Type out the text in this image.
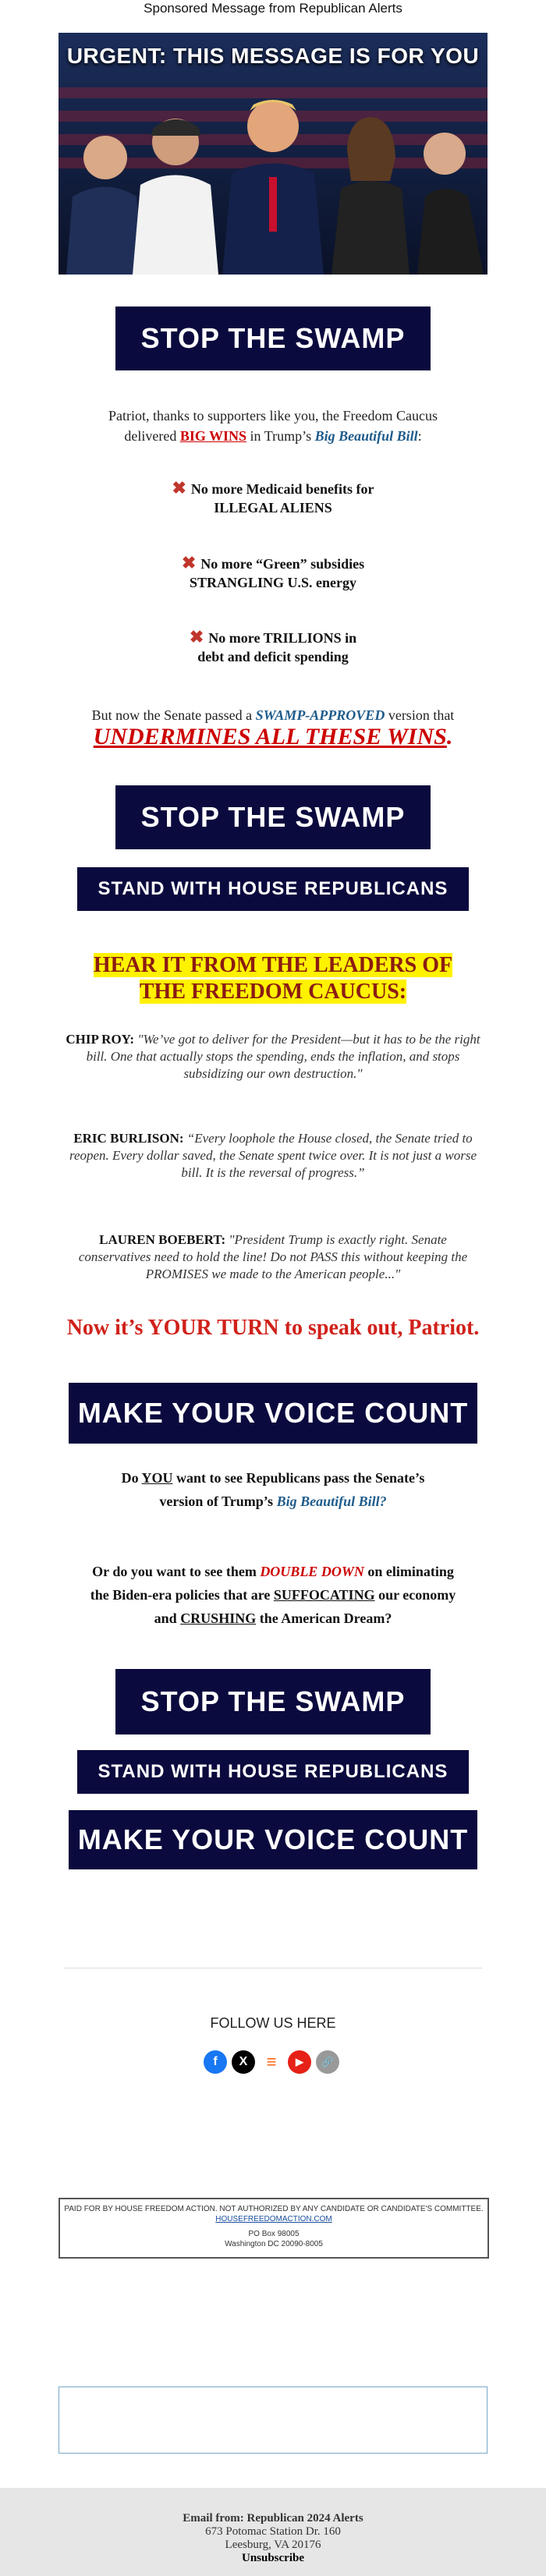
Sponsored Message from Republican Alerts
URGENT: THIS MESSAGE IS FOR YOU
STOP THE SWAMP
Patriot, thanks to supporters like you, the Freedom Caucus
delivered BIG WINS in Trump’s Big Beautiful Bill:
✖ No more Medicaid benefits for
ILLEGAL ALIENS
✖ No more “Green” subsidies
STRANGLING U.S. energy
✖ No more TRILLIONS in
debt and deficit spending
But now the Senate passed a SWAMP-APPROVED version that
UNDERMINES ALL THESE WINS.
STOP THE SWAMP
STAND WITH HOUSE REPUBLICANS
HEAR IT FROM THE LEADERS OF
THE FREEDOM CAUCUS:
CHIP ROY: "We’ve got to deliver for the President—but it has to be the right bill. One that actually stops the spending, ends the inflation, and stops subsidizing our own destruction."
ERIC BURLISON: “Every loophole the House closed, the Senate tried to reopen. Every dollar saved, the Senate spent twice over. It is not just a worse bill. It is the reversal of progress.”
LAUREN BOEBERT: "President Trump is exactly right. Senate conservatives need to hold the line! Do not PASS this without keeping the PROMISES we made to the American people..."
Now it’s YOUR TURN to speak out, Patriot.
MAKE YOUR VOICE COUNT
Do YOU want to see Republicans pass the Senate’s
version of Trump’s Big Beautiful Bill?
Or do you want to see them DOUBLE DOWN on eliminating
the Biden-era policies that are SUFFOCATING our economy
and CRUSHING the American Dream?
STOP THE SWAMP
STAND WITH HOUSE REPUBLICANS
MAKE YOUR VOICE COUNT
FOLLOW US HERE
f	X	≡	▶	🔗
PAID FOR BY HOUSE FREEDOM ACTION. NOT AUTHORIZED BY ANY CANDIDATE OR CANDIDATE'S COMMITTEE.
HOUSEFREEDOMACTION.COM
PO Box 98005
Washington DC 20090-8005
Email from: Republican 2024 Alerts
673 Potomac Station Dr. 160
Leesburg, VA 20176
Unsubscribe
